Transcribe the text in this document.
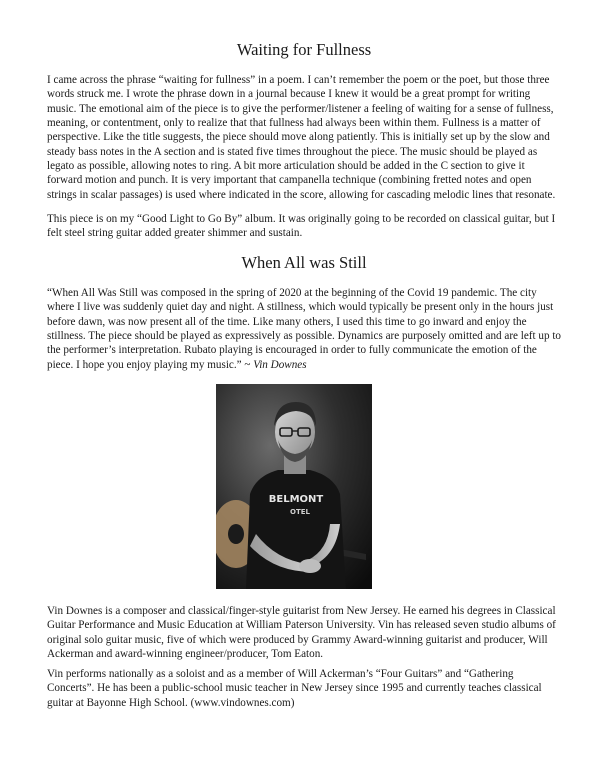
Waiting for Fullness

I came across the phrase “waiting for fullness” in a poem. I can’t remember the poem or the poet, but those three words struck me. I wrote the phrase down in a journal because I knew it would be a great prompt for writing music. The emotional aim of the piece is to give the performer/listener a feeling of waiting for a sense of fullness, meaning, or contentment, only to realize that that fullness had always been within them. Fullness is a matter of perspective. Like the title suggests, the piece should move along patiently. This is initially set up by the slow and steady bass notes in the A section and is stated five times throughout the piece. The music should be played as legato as possible, allowing notes to ring. A bit more articulation should be added in the C section to give it forward motion and punch. It is very important that campanella technique (combining fretted notes and open strings in scalar passages) is used where indicated in the score, allowing for cascading melodic lines that resonate.

This piece is on my “Good Light to Go By” album. It was originally going to be recorded on classical guitar, but I felt steel string guitar added greater shimmer and sustain.

When All was Still

“When All Was Still was composed in the spring of 2020 at the beginning of the Covid 19 pandemic. The city where I live was suddenly quiet day and night. A stillness, which would typically be present only in the hours just before dawn, was now present all of the time. Like many others, I used this time to go inward and enjoy the stillness. The piece should be played as expressively as possible. Dynamics are purposely omitted and are left up to the performer’s interpretation. Rubato playing is encouraged in order to fully communicate the emotion of the piece. I hope you enjoy playing my music.” ~ Vin Downes

BELMONT
OTEL

Vin Downes is a composer and classical/finger-style guitarist from New Jersey. He earned his degrees in Classical Guitar Performance and Music Education at William Paterson University. Vin has released seven studio albums of original solo guitar music, five of which were produced by Grammy Award-winning guitarist and producer, Will Ackerman and award-winning engineer/producer, Tom Eaton.

Vin performs nationally as a soloist and as a member of Will Ackerman’s “Four Guitars” and “Gathering Concerts”. He has been a public-school music teacher in New Jersey since 1995 and currently teaches classical guitar at Bayonne High School. (www.vindownes.com)
